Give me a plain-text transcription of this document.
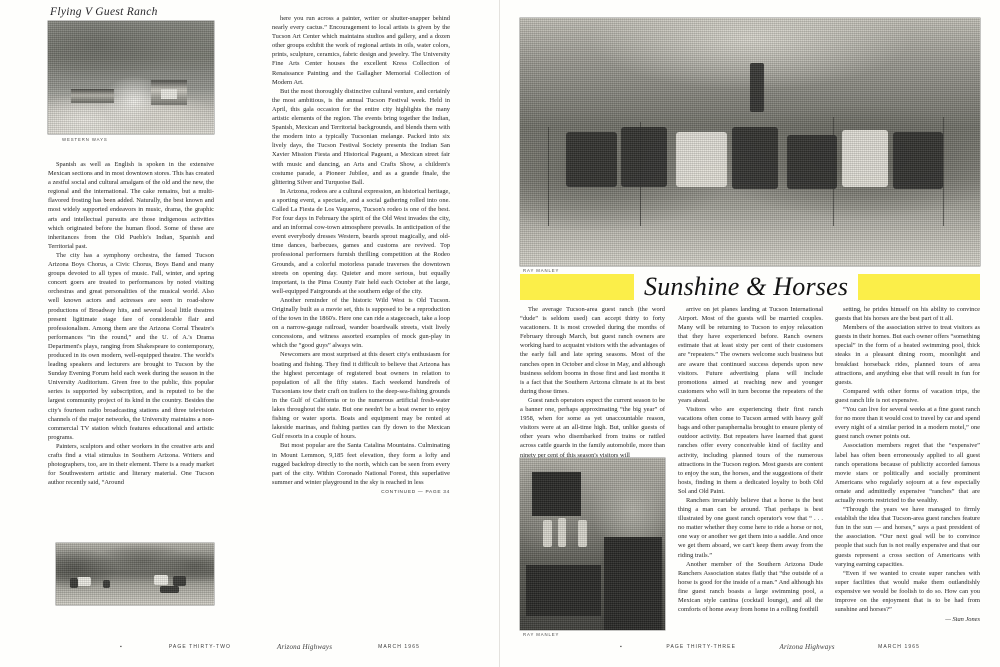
Flying V Guest Ranch
WESTERN WAYS

Spanish as well as English is spoken in the extensive Mexican sections and in most downtown stores. This has created a zestful social and cultural amalgam of the old and the new, the regional and the international. The cake remains, but a multi-flavored frosting has been added. Naturally, the best known and most widely supported endeavors in music, drama, the graphic arts and intellectual pursuits are those indigenous activities which originated before the human flood. Some of these are inheritances from the Old Pueblo's Indian, Spanish and Territorial past.

The city has a symphony orchestra, the famed Tucson Arizona Boys Chorus, a Civic Chorus, Boys Band and many groups devoted to all types of music. Fall, winter, and spring concert goers are treated to performances by noted visiting orchestras and great personalities of the musical world. Also well known actors and actresses are seen in road-show productions of Broadway hits, and several local little theatres present ligitimate stage fare of considerable flair and professionalism. Among them are the Arizona Corral Theatre's performances “in the round,” and the U. of A.'s Drama Department's plays, ranging from Shakespeare to contemporary, produced in its own modern, well-equipped theatre. The world's leading speakers and lecturers are brought to Tucson by the Sunday Evening Forum held each week during the season in the University Auditorium. Given free to the public, this popular series is supported by subscription, and is reputed to be the largest community project of its kind in the country. Besides the city's fourteen radio broadcasting stations and three television channels of the major networks, the University maintains a non-commercial TV station which features educational and artistic programs.

Painters, sculptors and other workers in the creative arts and crafts find a vital stimulus in Southern Arizona. Writers and photographers, too, are in their element. There is a ready market for Southwestern artistic and literary material. One Tucson author recently said, “Around

here you run across a painter, writer or shutter-snapper behind nearly every cactus.” Encouragement to local artists is given by the Tucson Art Center which maintains studios and gallery, and a dozen other groups exhibit the work of regional artists in oils, water colors, prints, sculpture, ceramics, fabric design and jewelry. The University Fine Arts Center houses the excellent Kress Collection of Renaissance Painting and the Gallagher Memorial Collection of Modern Art.

But the most thoroughly distinctive cultural venture, and certainly the most ambitious, is the annual Tucson Festival week. Held in April, this gala occasion for the entire city highlights the many artistic elements of the region. The events bring together the Indian, Spanish, Mexican and Territorial backgrounds, and blends them with the modern into a typically Tucsonian melange. Packed into six lively days, the Tucson Festival Society presents the Indian San Xavier Mission Fiesta and Historical Pageant, a Mexican street fair with music and dancing, an Arts and Crafts Show, a children's costume parade, a Pioneer Jubilee, and as a grande finale, the glittering Silver and Turquoise Ball.

In Arizona, rodeos are a cultural expression, an historical heritage, a sporting event, a spectacle, and a social gathering rolled into one. Called La Fiesta de Los Vaqueros, Tucson's rodeo is one of the best. For four days in February the spirit of the Old West invades the city, and an informal cow-town atmosphere prevails. In anticipation of the event everybody dresses Western, beards sprout magically, and old-time dances, barbecues, games and customs are revived. Top professional performers furnish thrilling competition at the Rodeo Grounds, and a colorful motorless parade traverses the downtown streets on opening day. Quieter and more serious, but equally important, is the Pima County Fair held each October at the large, well-equipped Fairgrounds at the southern edge of the city.

Another reminder of the historic Wild West is Old Tucson. Originally built as a movie set, this is supposed to be a reproduction of the town in the 1860's. Here one can ride a stagecoach, take a loop on a narrow-gauge railroad, wander boardwalk streets, visit lively concessions, and witness assorted examples of mock gun-play in which the “good guys” always win.

Newcomers are most surprised at this desert city's enthusiasm for boating and fishing. They find it difficult to believe that Arizona has the highest percentage of registered boat owners in relation to population of all the fifty states. Each weekend hundreds of Tucsonians tow their craft on trailers to the deep-sea-fishing grounds in the Gulf of California or to the numerous artificial fresh-water lakes throughout the state. But one needn't be a boat owner to enjoy fishing or water sports. Boats and equipment may be rented at lakeside marinas, and fishing parties can fly down to the Mexican Gulf resorts in a couple of hours.

But most popular are the Santa Catalina Mountains. Culminating in Mount Lemmon, 9,185 feet elevation, they form a lofty and rugged backdrop directly to the north, which can be seen from every part of the city. Within Coronado National Forest, this superlative summer and winter playground in the sky is reached in less

CONTINUED — PAGE 34
▪	PAGE THIRTY-TWO	Arizona Highways	MARCH 1965
RAY MANLEY
Sunshine & Horses

The average Tucson-area guest ranch (the word “dude” is seldom used) can accept thirty to forty vacationers. It is most crowded during the months of February through March, but guest ranch owners are working hard to acquaint visitors with the advantages of the early fall and late spring seasons. Most of the ranches open in October and close in May, and although business seldom booms in those first and last months it is a fact that the Southern Arizona climate is at its best during those times.

Guest ranch operators expect the current season to be a banner one, perhaps approximating “the big year” of 1958, when for some as yet unaccountable reason, visitors were at an all-time high. But, unlike guests of other years who disembarked from trains or rattled across cattle guards in the family automobile, more than ninety per cent of this season's visitors will

RAY MANLEY

arrive on jet planes landing at Tucson International Airport. Most of the guests will be married couples. Many will be returning to Tucson to enjoy relaxation that they have experienced before. Ranch owners estimate that at least sixty per cent of their customers are “repeaters.” The owners welcome such business but are aware that continued success depends upon new visitors. Future advertising plans will include promotions aimed at reaching new and younger customers who will in turn become the repeaters of the years ahead.

Visitors who are experiencing their first ranch vacations often come to Tucson armed with heavy golf bags and other paraphernalia brought to ensure plenty of outdoor activity. But repeaters have learned that guest ranches offer every conceivable kind of facility and activity, including planned tours of the numerous attractions in the Tucson region. Most guests are content to enjoy the sun, the horses, and the suggestions of their hosts, finding in them a dedicated loyalty to both Old Sol and Old Paint.

Ranchers invariably believe that a horse is the best thing a man can be around. That perhaps is best illustrated by one guest ranch operator's vow that “ . . . no matter whether they come here to ride a horse or not, one way or another we get them into a saddle. And once we get them aboard, we can't keep them away from the riding trails.”

Another member of the Southern Arizona Dude Ranchers Association states flatly that “the outside of a horse is good for the inside of a man.” And although his fine guest ranch boasts a large swimming pool, a Mexican style cantina (cocktail lounge), and all the comforts of home away from home in a rolling foothill

setting, he prides himself on his ability to convince guests that his horses are the best part of it all.

Members of the association strive to treat visitors as guests in their homes. But each owner offers “something special” in the form of a heated swimming pool, thick steaks in a pleasant dining room, moonlight and breakfast horseback rides, planned tours of area attractions, and anything else that will result in fun for guests.

Compared with other forms of vacation trips, the guest ranch life is not expensive.

“You can live for several weeks at a fine guest ranch for no more than it would cost to travel by car and spend every night of a similar period in a modern motel,” one guest ranch owner points out.

Association members regret that the “expensive” label has often been erroneously applied to all guest ranch operations because of publicity accorded famous movie stars or politically and socially prominent Americans who regularly sojourn at a few especially ornate and admittedly expensive “ranches” that are actually resorts restricted to the wealthy.

“Through the years we have managed to firmly establish the idea that Tucson-area guest ranches feature fun in the sun — and horses,” says a past president of the association. “Our next goal will be to convince people that such fun is not really expensive and that our guests represent a cross section of Americans with varying earning capacities.

“Even if we wanted to create super ranches with super facilities that would make them outlandishly expensive we would be foolish to do so. How can you improve on the enjoyment that is to be had from sunshine and horses?”

— Stan Jones
▪	PAGE THIRTY-THREE	Arizona Highways	MARCH 1965
